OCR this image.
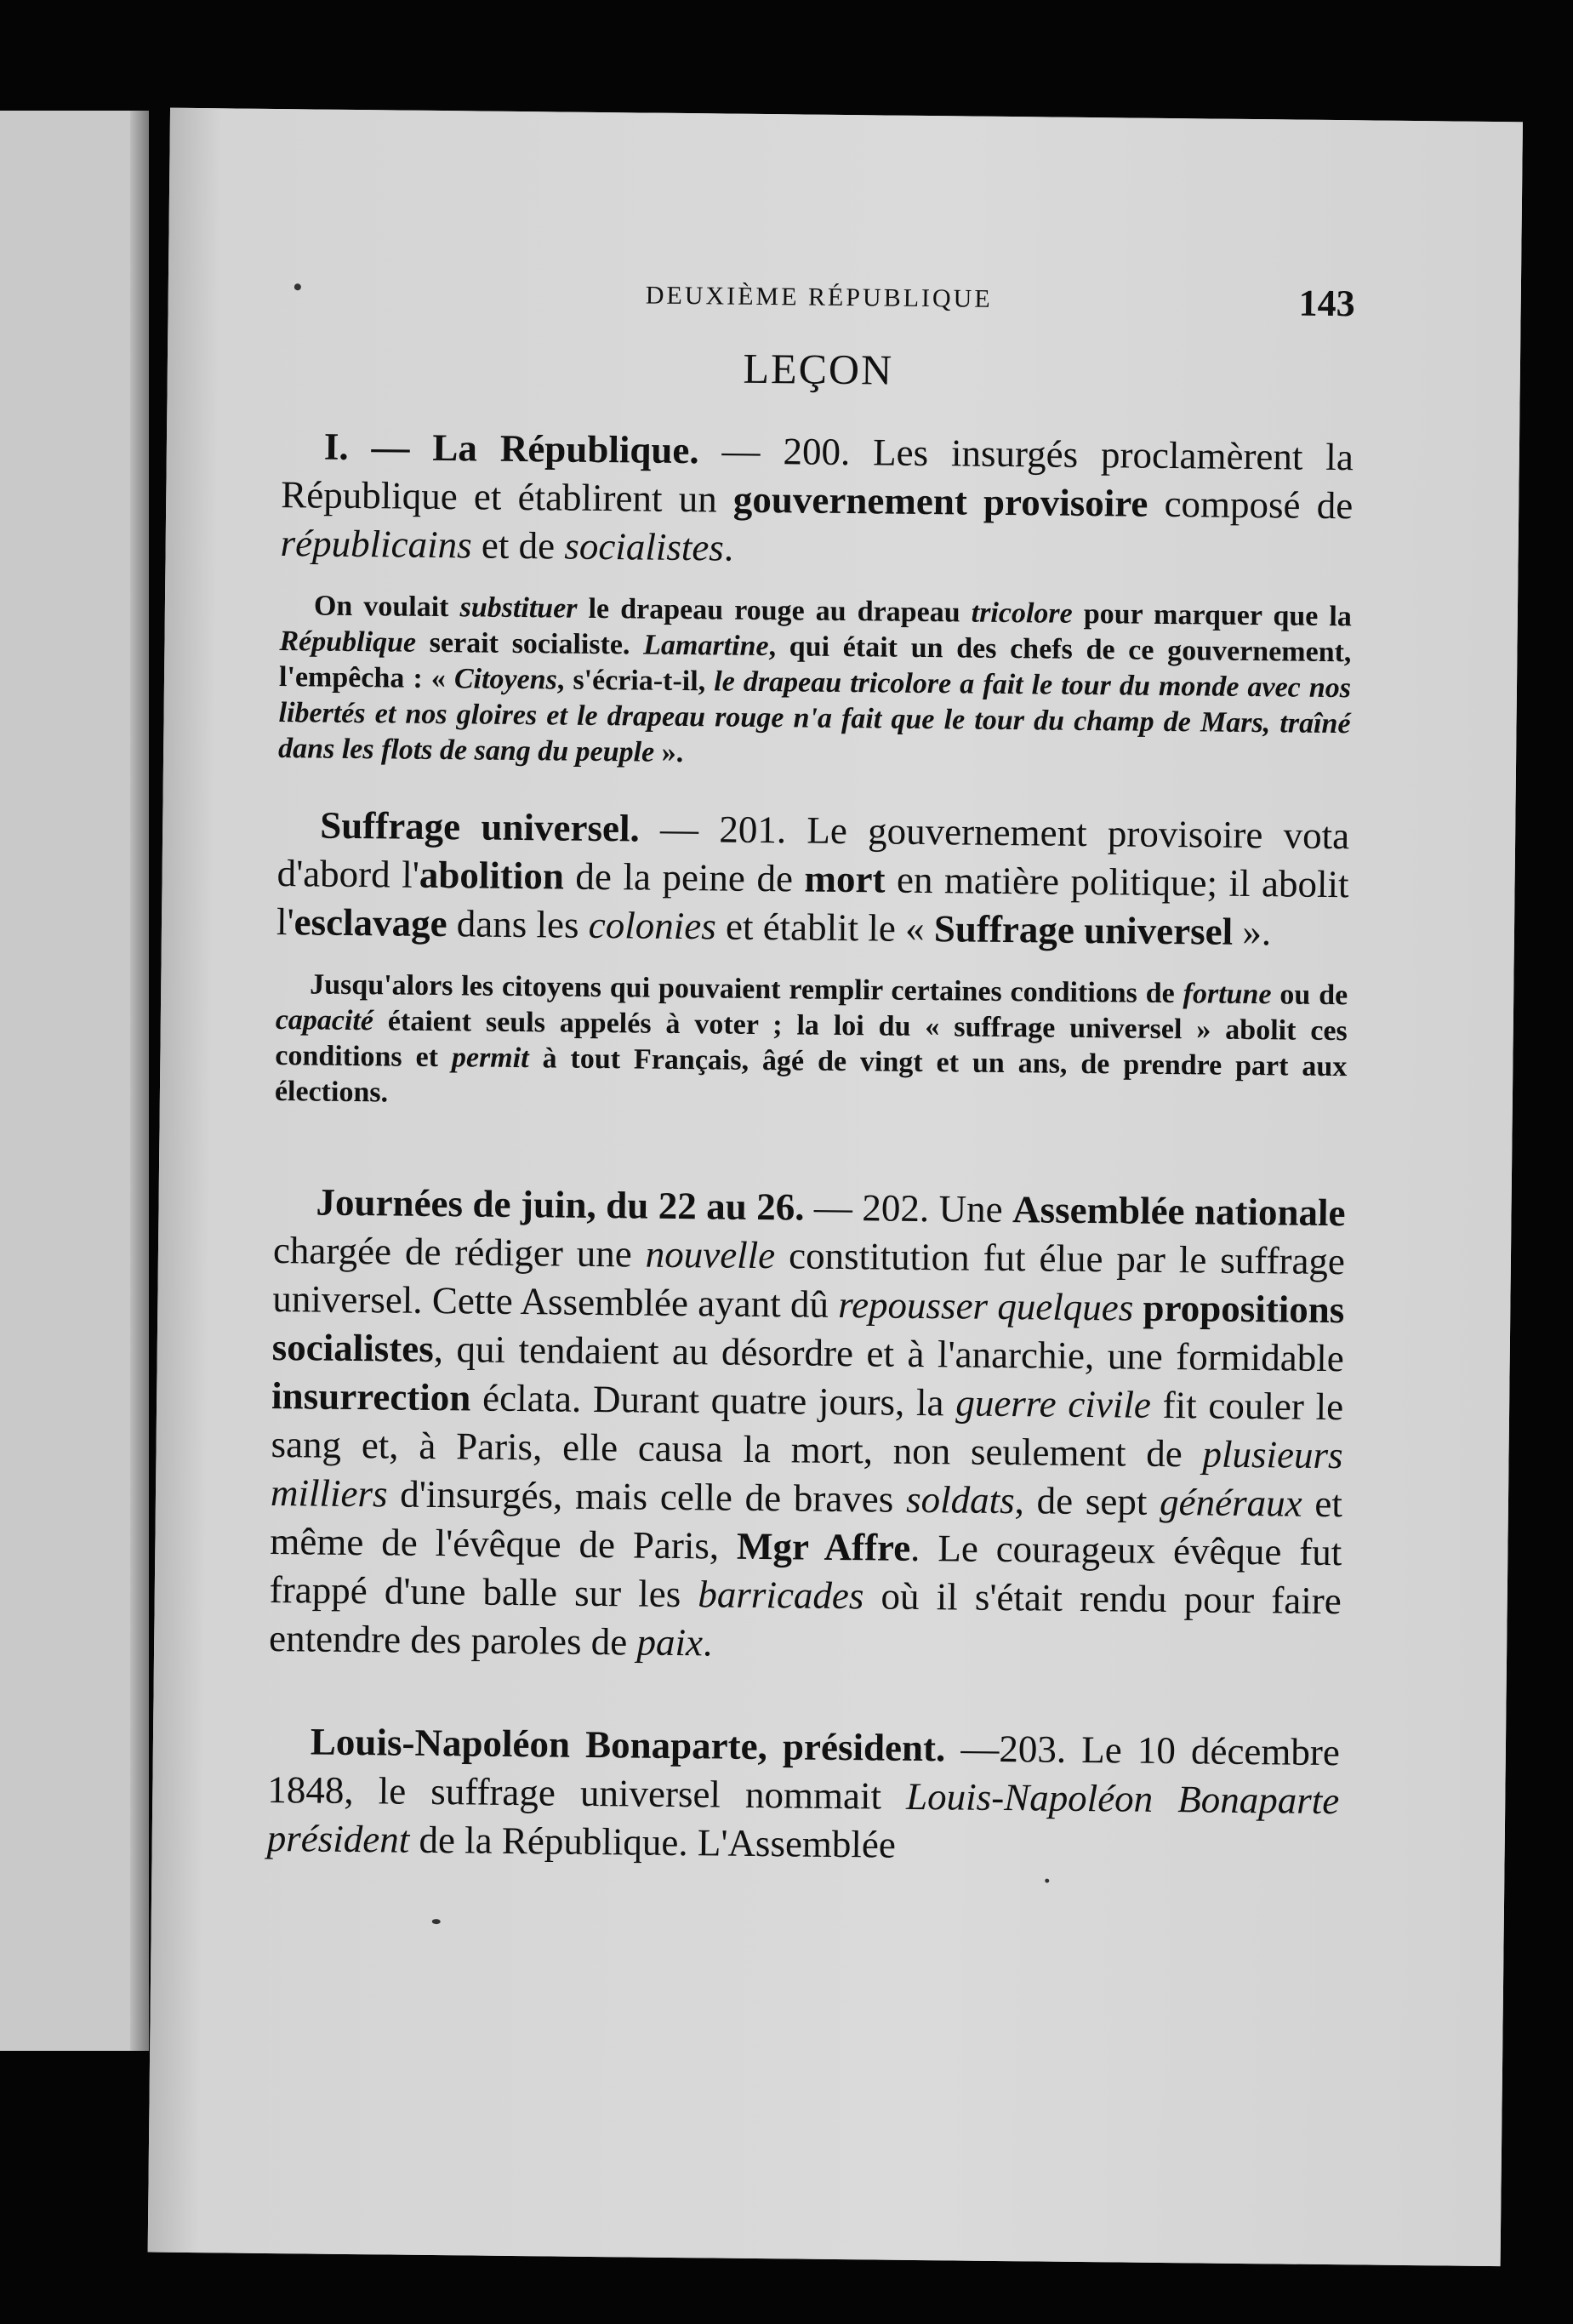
DEUXIÈME RÉPUBLIQUE	143
LEÇON

I. — La République. — 200. Les insurgés proclamèrent la République et établirent un gouvernement provisoire composé de républicains et de socialistes.

On voulait substituer le drapeau rouge au drapeau tricolore pour marquer que la République serait socialiste. Lamartine, qui était un des chefs de ce gouvernement, l'empêcha : « Citoyens, s'écria-t-il, le drapeau tricolore a fait le tour du monde avec nos libertés et nos gloires et le drapeau rouge n'a fait que le tour du champ de Mars, traîné dans les flots de sang du peuple ».

Suffrage universel. — 201. Le gouvernement provisoire vota d'abord l'abolition de la peine de mort en matière politique; il abolit l'esclavage dans les colonies et établit le « Suffrage universel ».

Jusqu'alors les citoyens qui pouvaient remplir certaines conditions de fortune ou de capacité étaient seuls appelés à voter ; la loi du « suffrage universel » abolit ces conditions et permit à tout Français, âgé de vingt et un ans, de prendre part aux élections.

Journées de juin, du 22 au 26. — 202. Une Assemblée nationale chargée de rédiger une nouvelle constitution fut élue par le suffrage universel. Cette Assemblée ayant dû repousser quelques propositions socialistes, qui tendaient au désordre et à l'anarchie, une formidable insurrection éclata. Durant quatre jours, la guerre civile fit couler le sang et, à Paris, elle causa la mort, non seulement de plusieurs milliers d'insurgés, mais celle de braves soldats, de sept généraux et même de l'évêque de Paris, Mgr Affre. Le courageux évêque fut frappé d'une balle sur les barricades où il s'était rendu pour faire entendre des paroles de paix.

Louis-Napoléon Bonaparte, président. —203. Le 10 décembre 1848, le suffrage universel nommait Louis-Napoléon Bonaparte président de la République. L'Assemblée
